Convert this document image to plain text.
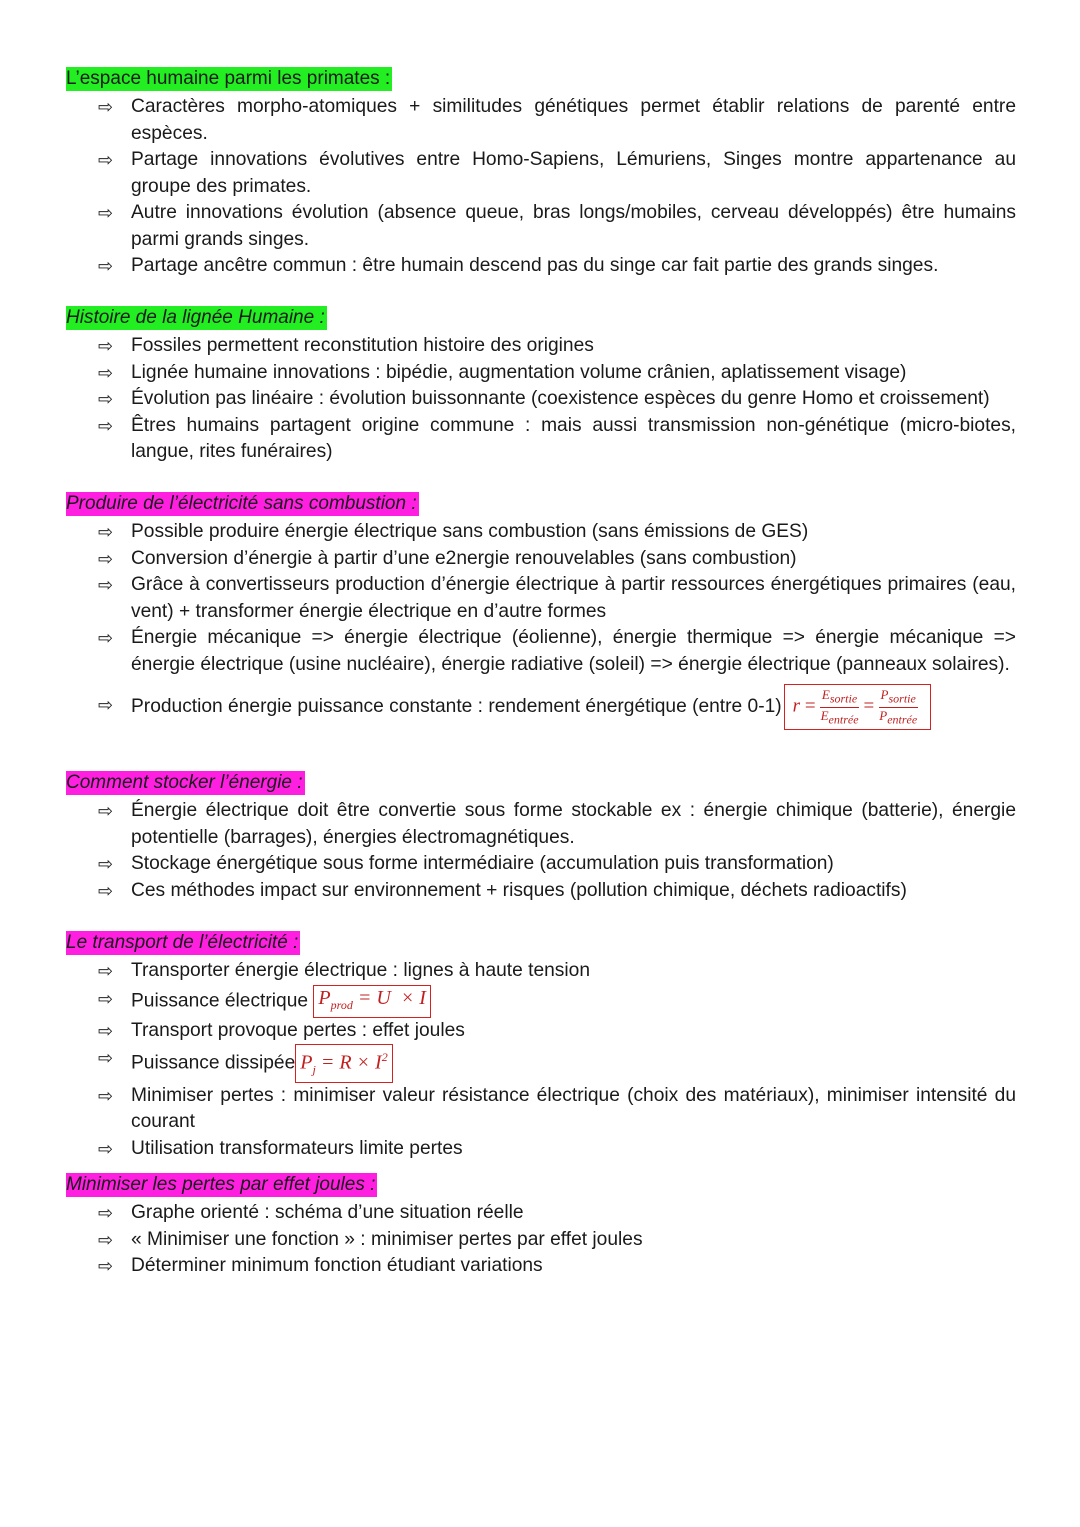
L’espace humaine parmi les primates :
⇨ Caractères morpho-atomiques + similitudes génétiques permet établir relations de parenté entre espèces.
⇨ Partage innovations évolutives entre Homo-Sapiens, Lémuriens, Singes montre appartenance au groupe des primates.
⇨ Autre innovations évolution (absence queue, bras longs/mobiles, cerveau développés) être humains parmi grands singes.
⇨ Partage ancêtre commun : être humain descend pas du singe car fait partie des grands singes.
Histoire de la lignée Humaine :
⇨ Fossiles permettent reconstitution histoire des origines
⇨ Lignée humaine innovations : bipédie, augmentation volume crânien, aplatissement visage)
⇨ Évolution pas linéaire : évolution buissonnante (coexistence espèces du genre Homo et croissement)
⇨ Êtres humains partagent origine commune : mais aussi transmission non-génétique (micro-biotes, langue, rites funéraires)
Produire de l’électricité sans combustion :
⇨ Possible produire énergie électrique sans combustion (sans émissions de GES)
⇨ Conversion d’énergie à partir d’une e2nergie renouvelables (sans combustion)
⇨ Grâce à convertisseurs production d’énergie électrique à partir ressources énergétiques primaires (eau, vent) + transformer énergie électrique en d’autre formes
⇨ Énergie mécanique => énergie électrique (éolienne), énergie thermique => énergie mécanique => énergie électrique (usine nucléaire), énergie radiative (soleil) => énergie électrique (panneaux solaires).
⇨ Production énergie puissance constante : rendement énergétique (entre 0-1) $r = \frac{E_{sortie}}{E_{entrée}} = \frac{P_{sortie}}{P_{entrée}}$
Comment stocker l’énergie :
⇨ Énergie électrique doit être convertie sous forme stockable ex : énergie chimique (batterie), énergie potentielle (barrages), énergies électromagnétiques.
⇨ Stockage énergétique sous forme intermédiaire (accumulation puis transformation)
⇨ Ces méthodes impact sur environnement + risques (pollution chimique, déchets radioactifs)
Le transport de l’électricité :
⇨ Transporter énergie électrique : lignes à haute tension
⇨ Puissance électrique $P_{prod} = U \times I$
⇨ Transport provoque pertes : effet joules
⇨ Puissance dissipée $P_j = R \times I^2$
⇨ Minimiser pertes : minimiser valeur résistance électrique (choix des matériaux), minimiser intensité du courant
⇨ Utilisation transformateurs limite pertes
Minimiser les pertes par effet joules :
⇨ Graphe orienté : schéma d’une situation réelle
⇨ « Minimiser une fonction » : minimiser pertes par effet joules
⇨ Déterminer minimum fonction étudiant variations
